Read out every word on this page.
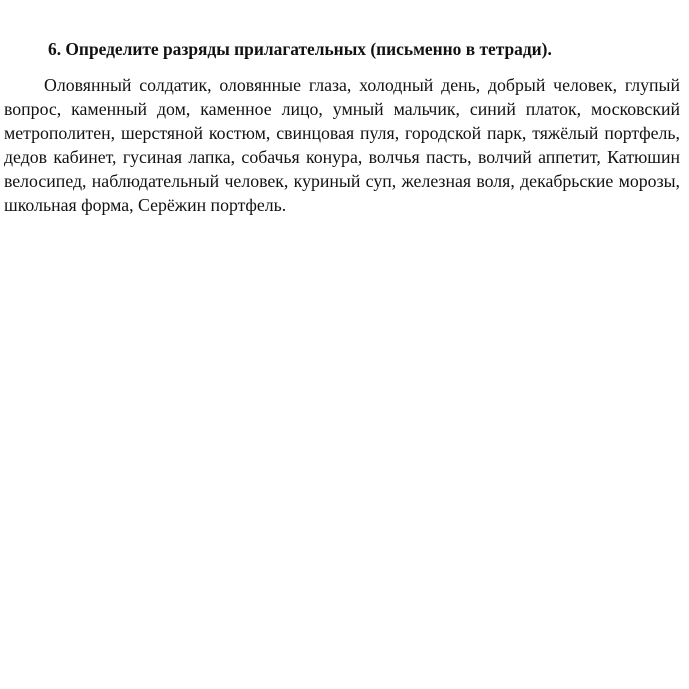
6. Определите разряды прилагательных (письменно в тетради).

Оловянный солдатик, оловянные глаза, холодный день, добрый человек, глупый вопрос, каменный дом, каменное лицо, умный мальчик, синий платок, московский метрополитен, шерстяной костюм, свинцовая пуля, городской парк, тяжёлый портфель, дедов кабинет, гусиная лапка, собачья конура, волчья пасть, волчий аппетит, Катюшин велосипед, наблюдательный человек, куриный суп, железная воля, декабрьские морозы, школьная форма, Серёжин портфель.
